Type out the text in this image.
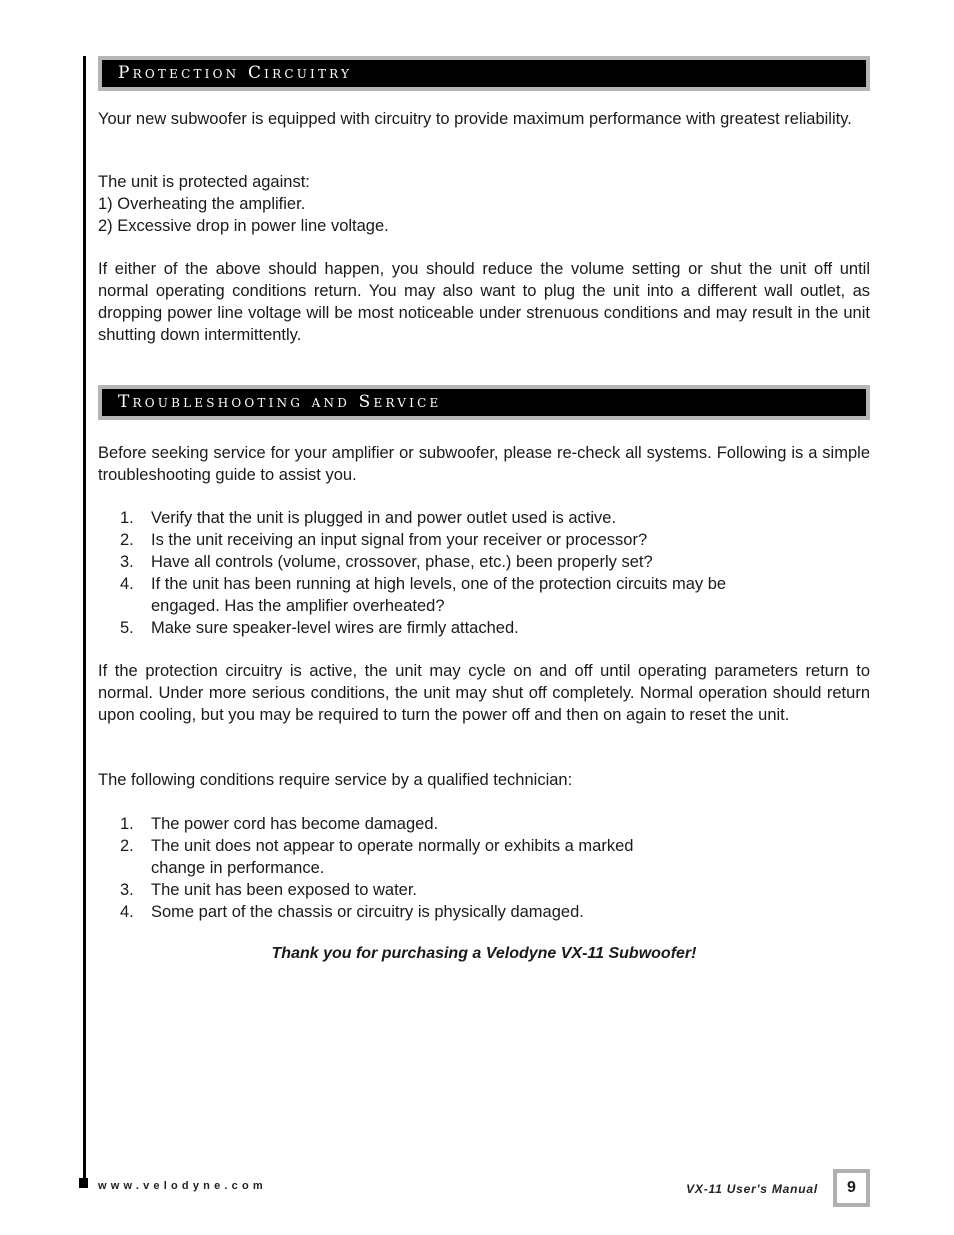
Protection Circuitry

Your new subwoofer is equipped with circuitry to provide maximum performance with greatest reliability.

The unit is protected against:
1) Overheating the amplifier.
2) Excessive drop in power line voltage.

If either of the above should happen, you should reduce the volume setting or shut the unit off until normal operating conditions return. You may also want to plug the unit into a different wall outlet, as dropping power line voltage will be most noticeable under strenuous conditions and may result in the unit shutting down intermittently.

Troubleshooting and Service

Before seeking service for your amplifier or subwoofer, please re-check all systems. Following is a simple troubleshooting guide to assist you.

1.	Verify that the unit is plugged in and power outlet used is active.
2.	Is the unit receiving an input signal from your receiver or processor?
3.	Have all controls (volume, crossover, phase, etc.) been properly set?
4.	If the unit has been running at high levels, one of the protection circuits may be
engaged. Has the amplifier overheated?
5.	Make sure speaker-level wires are firmly attached.

If the protection circuitry is active, the unit may cycle on and off until operating parameters return to normal. Under more serious conditions, the unit may shut off completely. Normal operation should return upon cooling, but you may be required to turn the power off and then on again to reset the unit.

The following conditions require service by a qualified technician:

1.	The power cord has become damaged.
2.	The unit does not appear to operate normally or exhibits a marked
change in performance.
3.	The unit has been exposed to water.
4.	Some part of the chassis or circuitry is physically damaged.
Thank you for purchasing a Velodyne VX-11 Subwoofer!
www.velodyne.com	VX-11 User's Manual	9
